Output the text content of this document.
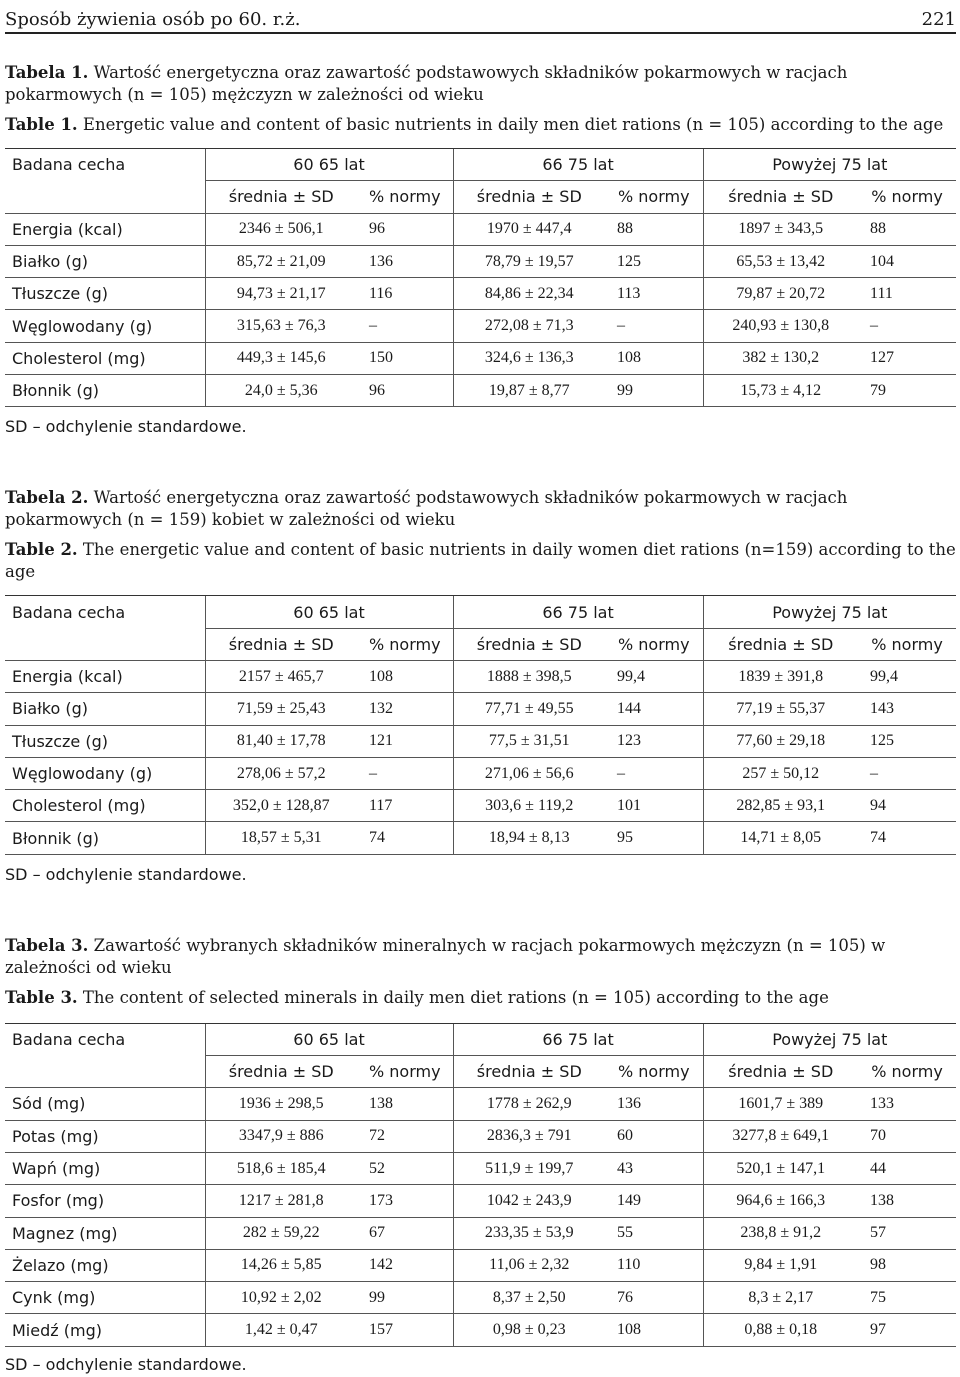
Sposób żywienia osób po 60. r.ż.	221
Tabela 1. Wartość energetyczna oraz zawartość podstawowych składników pokarmowych w racjach pokarmowych (n = 105) mężczyzn w zależności od wieku
Table 1. Energetic value and content of basic nutrients in daily men diet rations (n = 105) according to the age
Badana cecha	60 65 lat		66 75 lat		Powyżej 75 lat	
	średnia ± SD	% normy	średnia ± SD	% normy	średnia ± SD	% normy
Energia (kcal)	2346 ± 506,1	96	1970 ± 447,4	88	1897 ± 343,5	88
Białko (g)	85,72 ± 21,09	136	78,79 ± 19,57	125	65,53 ± 13,42	104
Tłuszcze (g)	94,73 ± 21,17	116	84,86 ± 22,34	113	79,87 ± 20,72	111
Węglowodany (g)	315,63 ± 76,3	–	272,08 ± 71,3	–	240,93 ± 130,8	–
Cholesterol (mg)	449,3 ± 145,6	150	324,6 ± 136,3	108	382 ± 130,2	127
Błonnik (g)	24,0 ± 5,36	96	19,87 ± 8,77	99	15,73 ± 4,12	79
SD – odchylenie standardowe.
Tabela 2. Wartość energetyczna oraz zawartość podstawowych składników pokarmowych w racjach pokarmowych (n = 159) kobiet w zależności od wieku
Table 2. The energetic value and content of basic nutrients in daily women diet rations (n=159) according to the age
Badana cecha	60 65 lat		66 75 lat		Powyżej 75 lat	
	średnia ± SD	% normy	średnia ± SD	% normy	średnia ± SD	% normy
Energia (kcal)	2157 ± 465,7	108	1888 ± 398,5	99,4	1839 ± 391,8	99,4
Białko (g)	71,59 ± 25,43	132	77,71 ± 49,55	144	77,19 ± 55,37	143
Tłuszcze (g)	81,40 ± 17,78	121	77,5 ± 31,51	123	77,60 ± 29,18	125
Węglowodany (g)	278,06 ± 57,2	–	271,06 ± 56,6	–	257 ± 50,12	–
Cholesterol (mg)	352,0 ± 128,87	117	303,6 ± 119,2	101	282,85 ± 93,1	94
Błonnik (g)	18,57 ± 5,31	74	18,94 ± 8,13	95	14,71 ± 8,05	74
SD – odchylenie standardowe.
Tabela 3. Zawartość wybranych składników mineralnych w racjach pokarmowych mężczyzn (n = 105) w zależności od wieku
Table 3. The content of selected minerals in daily men diet rations (n = 105) according to the age
Badana cecha	60 65 lat		66 75 lat		Powyżej 75 lat	
	średnia ± SD	% normy	średnia ± SD	% normy	średnia ± SD	% normy
Sód (mg)	1936 ± 298,5	138	1778 ± 262,9	136	1601,7 ± 389	133
Potas (mg)	3347,9 ± 886	72	2836,3 ± 791	60	3277,8 ± 649,1	70
Wapń (mg)	518,6 ± 185,4	52	511,9 ± 199,7	43	520,1 ± 147,1	44
Fosfor (mg)	1217 ± 281,8	173	1042 ± 243,9	149	964,6 ± 166,3	138
Magnez (mg)	282 ± 59,22	67	233,35 ± 53,9	55	238,8 ± 91,2	57
Żelazo (mg)	14,26 ± 5,85	142	11,06 ± 2,32	110	9,84 ± 1,91	98
Cynk (mg)	10,92 ± 2,02	99	8,37 ± 2,50	76	8,3 ± 2,17	75
Miedź (mg)	1,42 ± 0,47	157	0,98 ± 0,23	108	0,88 ± 0,18	97
SD – odchylenie standardowe.
